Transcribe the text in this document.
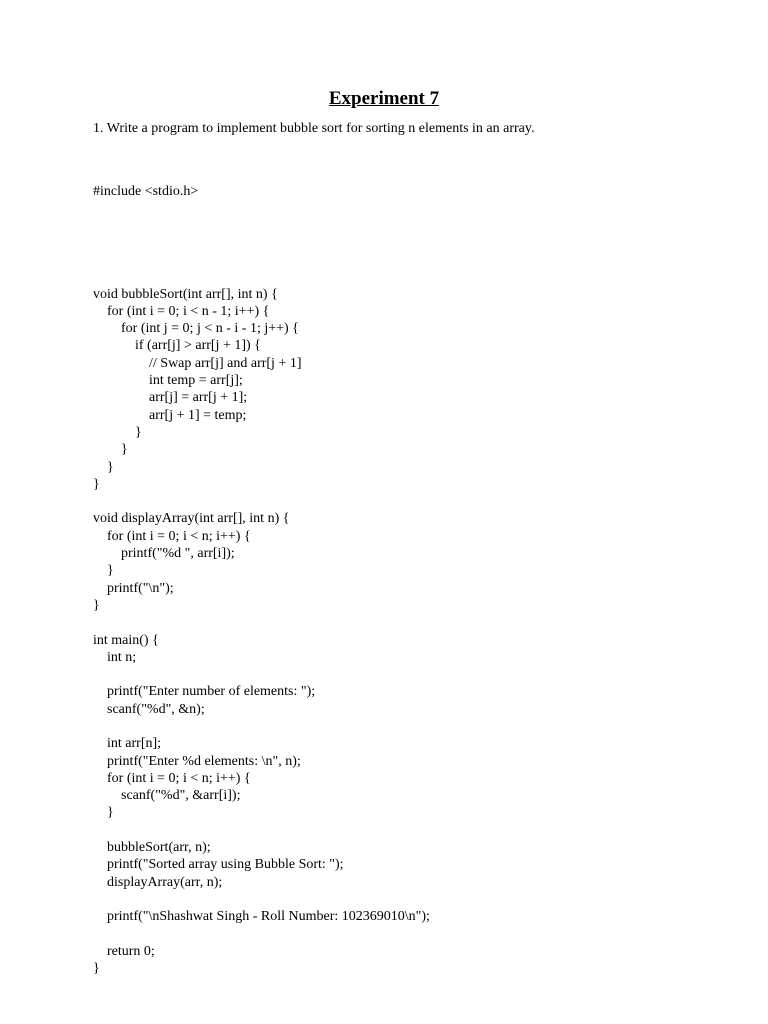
Experiment 7
1. Write a program to implement bubble sort for sorting n elements in an array.

#include <stdio.h>

void bubbleSort(int arr[], int n) {
for (int i = 0; i < n - 1; i++) {
for (int j = 0; j < n - i - 1; j++) {
if (arr[j] > arr[j + 1]) {
// Swap arr[j] and arr[j + 1]
int temp = arr[j];
arr[j] = arr[j + 1];
arr[j + 1] = temp;
}
}
}
}
void displayArray(int arr[], int n) {
for (int i = 0; i < n; i++) {
printf("%d ", arr[i]);
}
printf("\n");
}
int main() {
int n;
printf("Enter number of elements: ");
scanf("%d", &n);
int arr[n];
printf("Enter %d elements: \n", n);
for (int i = 0; i < n; i++) {
scanf("%d", &arr[i]);
}
bubbleSort(arr, n);
printf("Sorted array using Bubble Sort: ");
displayArray(arr, n);
printf("\nShashwat Singh - Roll Number: 102369010\n");
return 0;
}
